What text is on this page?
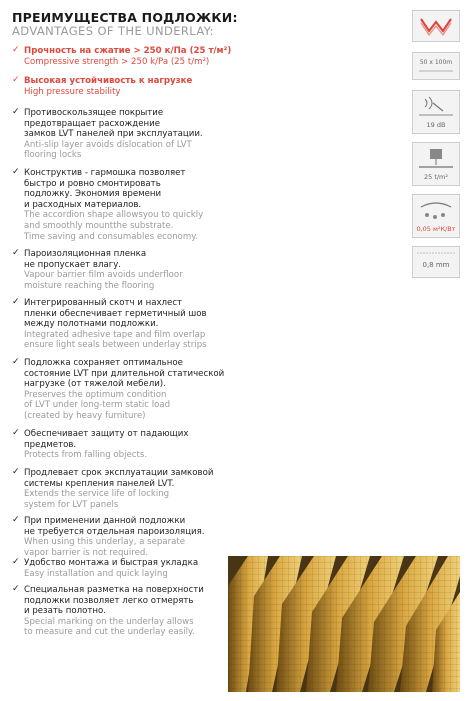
ПРЕИМУЩЕСТВА ПОДЛОЖКИ:
ADVANTAGES OF THE UNDERLAY:
✓ Прочность на сжатие > 250 к/Па (25 т/м²)
Compressive strength > 250 k/Pa (25 t/m²)
✓ Высокая устойчивость к нагрузке
High pressure stability
✓ Противоскользящее покрытие
предотвращает расхождение
замков LVT панелей при эксплуатации.
Anti-slip layer avoids dislocation of LVT
flooring locks
✓ Конструктив - гармошка позволяет
быстро и ровно смонтировать
подложку. Экономия времени
и расходных материалов.
The accordion shape allowsyou to quickly
and smoothly mountthe substrate.
Time saving and consumables economy.
✓ Пароизоляционная пленка
не пропускает влагу.
Vapour barrier film avoids underfloor
moisture reaching the flooring
✓ Интегрированный скотч и нахлест
пленки обеспечивает герметичный шов
между полотнами подложки.
Integrated adhesive tape and film overlap
ensure light seals between underlay strips
✓ Подложка сохраняет оптимальное
состояние LVT при длительной статической
нагрузке (от тяжелой мебели).
Preserves the optimum condition
of LVT under long-term static load
(created by heavy furniture)
✓ Обеспечивает защиту от падающих
предметов.
Protects from falling objects.
✓ Продлевает срок эксплуатации замковой
системы крепления панелей LVT.
Extends the service life of locking
system for LVT panels
✓ При применении данной подложки
не требуется отдельная пароизоляция.
When using this underlay, a separate
vapor barrier is not required.
✓ Удобство монтажа и быстрая укладка
Easy installation and quick laying
✓ Специальная разметка на поверхности
подложки позволяет легко отмерять
и резать полотно.
Special marking on the underlay allows
to measure and cut the underlay easily.
50 x 100m
19 dB
25 t/m²
0,05 м²К/Вт
0,8 mm
